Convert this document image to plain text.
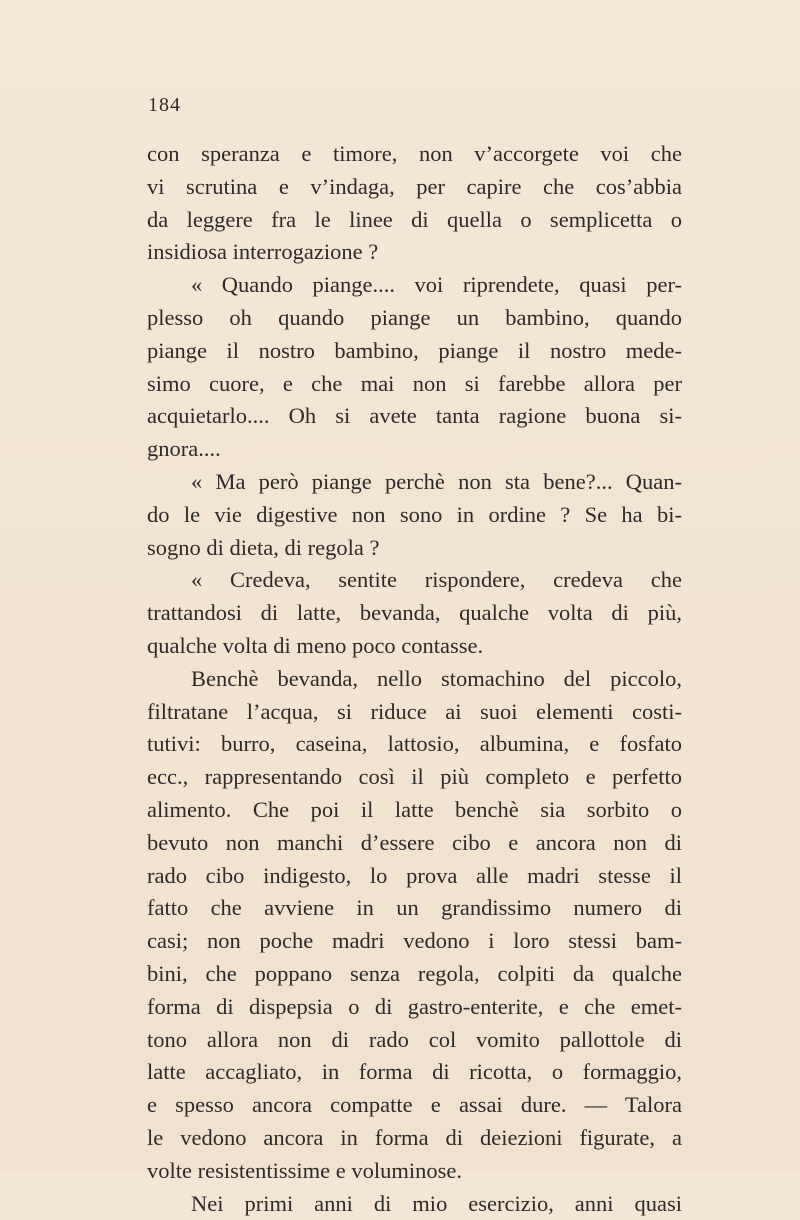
184
con speranza e timore, non v’accorgete voi che
vi scrutina e v’indaga, per capire che cos’abbia
da leggere fra le linee di quella o semplicetta o
insidiosa interrogazione ?
« Quando piange.... voi riprendete, quasi per-
plesso oh quando piange un bambino, quando
piange il nostro bambino, piange il nostro mede-
simo cuore, e che mai non si farebbe allora per
acquietarlo.... Oh si avete tanta ragione buona si-
gnora....
« Ma però piange perchè non sta bene?... Quan-
do le vie digestive non sono in ordine ? Se ha bi-
sogno di dieta, di regola ?
« Credeva, sentite rispondere, credeva che
trattandosi di latte, bevanda, qualche volta di più,
qualche volta di meno poco contasse.
Benchè bevanda, nello stomachino del piccolo,
filtratane l’acqua, si riduce ai suoi elementi costi-
tutivi: burro, caseina, lattosio, albumina, e fosfato
ecc., rappresentando così il più completo e perfetto
alimento. Che poi il latte benchè sia sorbito o
bevuto non manchi d’essere cibo e ancora non di
rado cibo indigesto, lo prova alle madri stesse il
fatto che avviene in un grandissimo numero di
casi; non poche madri vedono i loro stessi bam-
bini, che poppano senza regola, colpiti da qualche
forma di dispepsia o di gastro-enterite, e che emet-
tono allora non di rado col vomito pallottole di
latte accagliato, in forma di ricotta, o formaggio,
e spesso ancora compatte e assai dure. — Talora
le vedono ancora in forma di deiezioni figurate, a
volte resistentissime e voluminose.
Nei primi anni di mio esercizio, anni quasi
